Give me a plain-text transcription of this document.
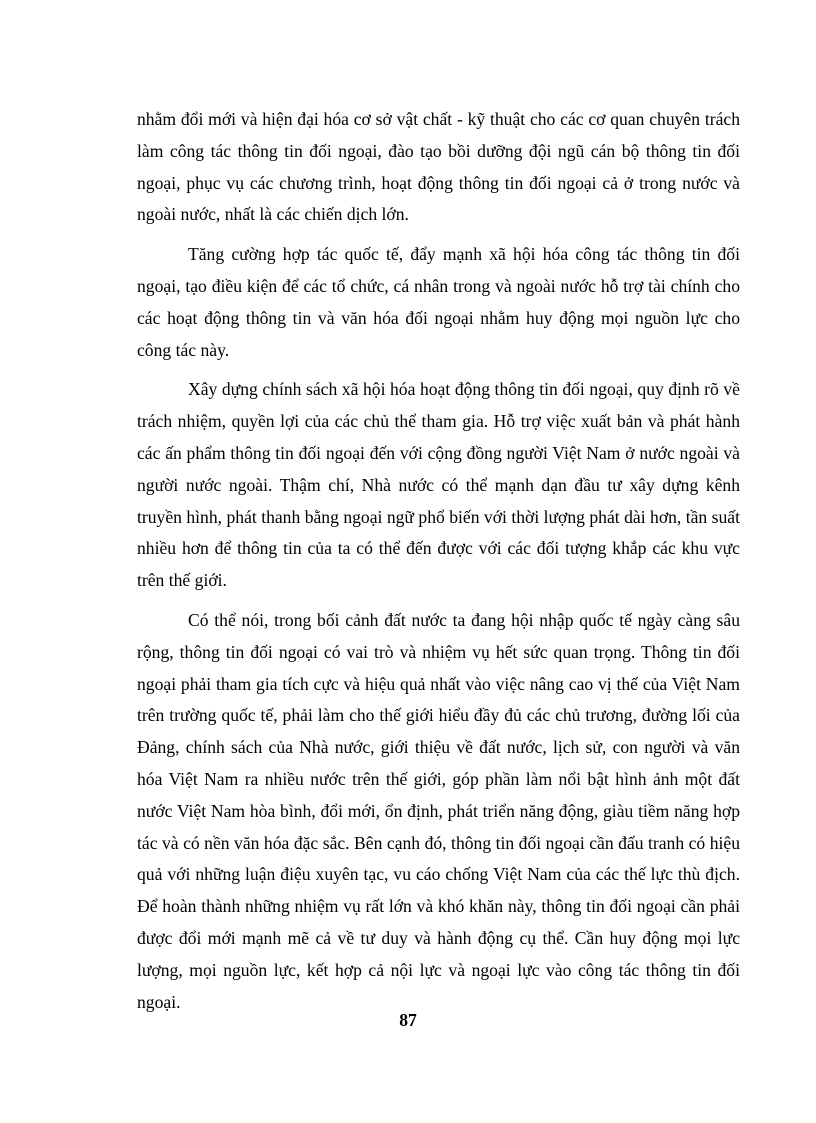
nhằm đổi mới và hiện đại hóa cơ sở vật chất - kỹ thuật cho các cơ quan chuyên trách làm công tác thông tin đối ngoại, đào tạo bồi dưỡng đội ngũ cán bộ thông tin đối ngoại, phục vụ các chương trình, hoạt động thông tin đối ngoại cả ở trong nước và ngoài nước, nhất là các chiến dịch lớn.

Tăng cường hợp tác quốc tế, đẩy mạnh xã hội hóa công tác thông tin đối ngoại, tạo điều kiện để các tổ chức, cá nhân trong và ngoài nước hỗ trợ tài chính cho các hoạt động thông tin và văn hóa đối ngoại nhằm huy động mọi nguồn lực cho công tác này.

Xây dựng chính sách xã hội hóa hoạt động thông tin đối ngoại, quy định rõ về trách nhiệm, quyền lợi của các chủ thể tham gia. Hỗ trợ việc xuất bản và phát hành các ấn phẩm thông tin đối ngoại đến với cộng đồng người Việt Nam ở nước ngoài và người nước ngoài. Thậm chí, Nhà nước có thể mạnh dạn đầu tư xây dựng kênh truyền hình, phát thanh bằng ngoại ngữ phổ biến với thời lượng phát dài hơn, tần suất nhiều hơn để thông tin của ta có thể đến được với các đối tượng khắp các khu vực trên thế giới.

Có thể nói, trong bối cảnh đất nước ta đang hội nhập quốc tế ngày càng sâu rộng, thông tin đối ngoại có vai trò và nhiệm vụ hết sức quan trọng. Thông tin đối ngoại phải tham gia tích cực và hiệu quả nhất vào việc nâng cao vị thế của Việt Nam trên trường quốc tế, phải làm cho thế giới hiểu đầy đủ các chủ trương, đường lối của Đảng, chính sách của Nhà nước, giới thiệu về đất nước, lịch sử, con người và văn hóa Việt Nam ra nhiều nước trên thế giới, góp phần làm nổi bật hình ảnh một đất nước Việt Nam hòa bình, đổi mới, ổn định, phát triển năng động, giàu tiềm năng hợp tác và có nền văn hóa đặc sắc. Bên cạnh đó, thông tin đối ngoại cần đấu tranh có hiệu quả với những luận điệu xuyên tạc, vu cáo chống Việt Nam của các thế lực thù địch. Để hoàn thành những nhiệm vụ rất lớn và khó khăn này, thông tin đối ngoại cần phải được đổi mới mạnh mẽ cả về tư duy và hành động cụ thể. Cần huy động mọi lực lượng, mọi nguồn lực, kết hợp cả nội lực và ngoại lực vào công tác thông tin đối ngoại.

87
